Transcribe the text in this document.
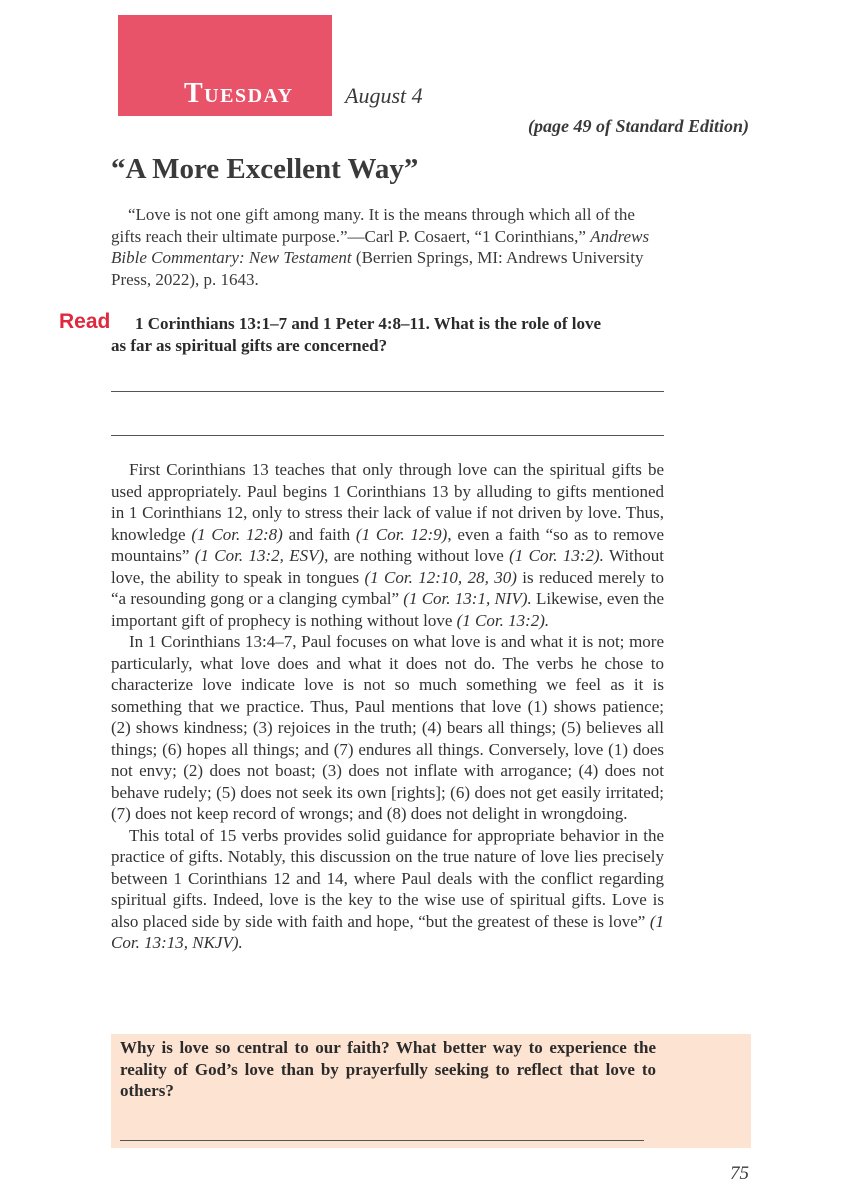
Tuesday August 4
(page 49 of Standard Edition)
“A More Excellent Way”
“Love is not one gift among many. It is the means through which all of the gifts reach their ultimate purpose.”—Carl P. Cosaert, “1 Corinthians,” Andrews Bible Commentary: New Testament (Berrien Springs, MI: Andrews University Press, 2022), p. 1643.
Read 1 Corinthians 13:1–7 and 1 Peter 4:8–11. What is the role of love
as far as spiritual gifts are concerned?

First Corinthians 13 teaches that only through love can the spiritual gifts be used appropriately. Paul begins 1 Corinthians 13 by alluding to gifts mentioned in 1 Corinthians 12, only to stress their lack of value if not driven by love. Thus, knowledge (1 Cor. 12:8) and faith (1 Cor. 12:9), even a faith “so as to remove mountains” (1 Cor. 13:2, ESV), are nothing without love (1 Cor. 13:2). Without love, the ability to speak in tongues (1 Cor. 12:10, 28, 30) is reduced merely to “a resounding gong or a clanging cymbal” (1 Cor. 13:1, NIV). Likewise, even the important gift of prophecy is nothing without love (1 Cor. 13:2).

In 1 Corinthians 13:4–7, Paul focuses on what love is and what it is not; more particularly, what love does and what it does not do. The verbs he chose to characterize love indicate love is not so much something we feel as it is something that we practice. Thus, Paul mentions that love (1) shows patience; (2) shows kindness; (3) rejoices in the truth; (4) bears all things; (5) believes all things; (6) hopes all things; and (7) endures all things. Conversely, love (1) does not envy; (2) does not boast; (3) does not inflate with arrogance; (4) does not behave rudely; (5) does not seek its own [rights]; (6) does not get easily irritated; (7) does not keep record of wrongs; and (8) does not delight in wrongdoing.

This total of 15 verbs provides solid guidance for appropriate behavior in the practice of gifts. Notably, this discussion on the true nature of love lies precisely between 1 Corinthians 12 and 14, where Paul deals with the conflict regarding spiritual gifts. Indeed, love is the key to the wise use of spiritual gifts. Love is also placed side by side with faith and hope, “but the greatest of these is love” (1 Cor. 13:13, NKJV).

Why is love so central to our faith? What better way to experience the reality of God’s love than by prayerfully seeking to reflect that love to others?
75
